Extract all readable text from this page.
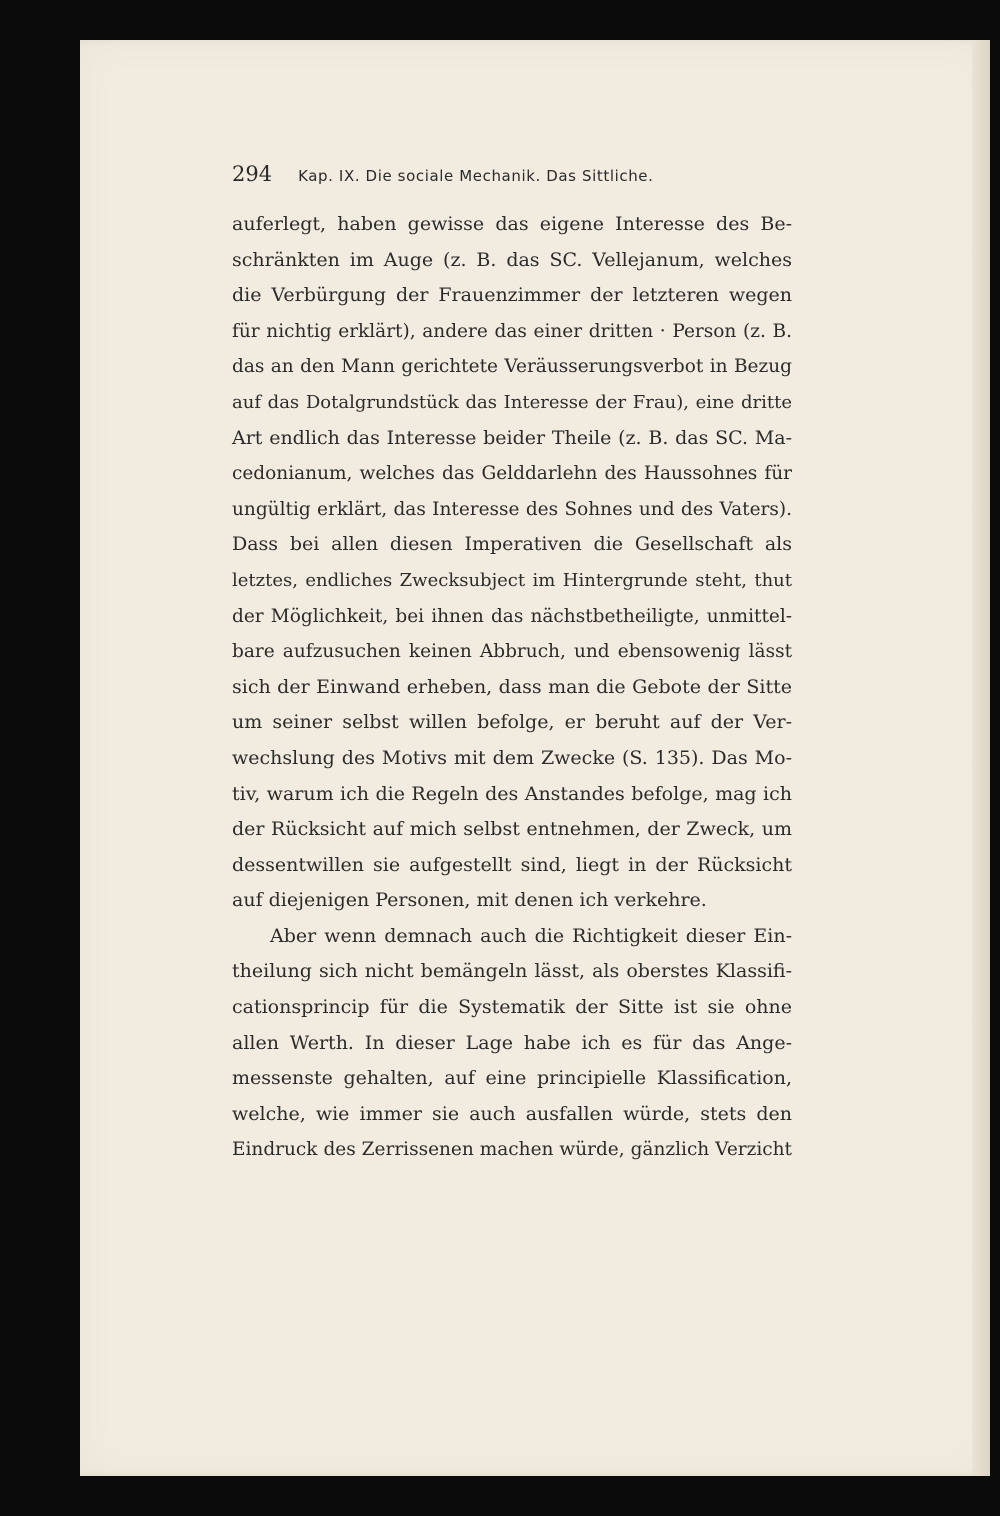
294 Kap. IX. Die sociale Mechanik. Das Sittliche.
auferlegt, haben gewisse das eigene Interesse des Be-
schränkten im Auge (z. B. das SC. Vellejanum, welches
die Verbürgung der Frauenzimmer der letzteren wegen
für nichtig erklärt), andere das einer dritten · Person (z. B.
das an den Mann gerichtete Veräusserungsverbot in Bezug
auf das Dotalgrundstück das Interesse der Frau), eine dritte
Art endlich das Interesse beider Theile (z. B. das SC. Ma-
cedonianum, welches das Gelddarlehn des Haussohnes für
ungültig erklärt, das Interesse des Sohnes und des Vaters).
Dass bei allen diesen Imperativen die Gesellschaft als
letztes, endliches Zwecksubject im Hintergrunde steht, thut
der Möglichkeit, bei ihnen das nächstbetheiligte, unmittel-
bare aufzusuchen keinen Abbruch, und ebensowenig lässt
sich der Einwand erheben, dass man die Gebote der Sitte
um seiner selbst willen befolge, er beruht auf der Ver-
wechslung des Motivs mit dem Zwecke (S. 135). Das Mo-
tiv, warum ich die Regeln des Anstandes befolge, mag ich
der Rücksicht auf mich selbst entnehmen, der Zweck, um
dessentwillen sie aufgestellt sind, liegt in der Rücksicht
auf diejenigen Personen, mit denen ich verkehre.
Aber wenn demnach auch die Richtigkeit dieser Ein-
theilung sich nicht bemängeln lässt, als oberstes Klassifi-
cationsprincip für die Systematik der Sitte ist sie ohne
allen Werth. In dieser Lage habe ich es für das Ange-
messenste gehalten, auf eine principielle Klassification,
welche, wie immer sie auch ausfallen würde, stets den
Eindruck des Zerrissenen machen würde, gänzlich Verzicht
